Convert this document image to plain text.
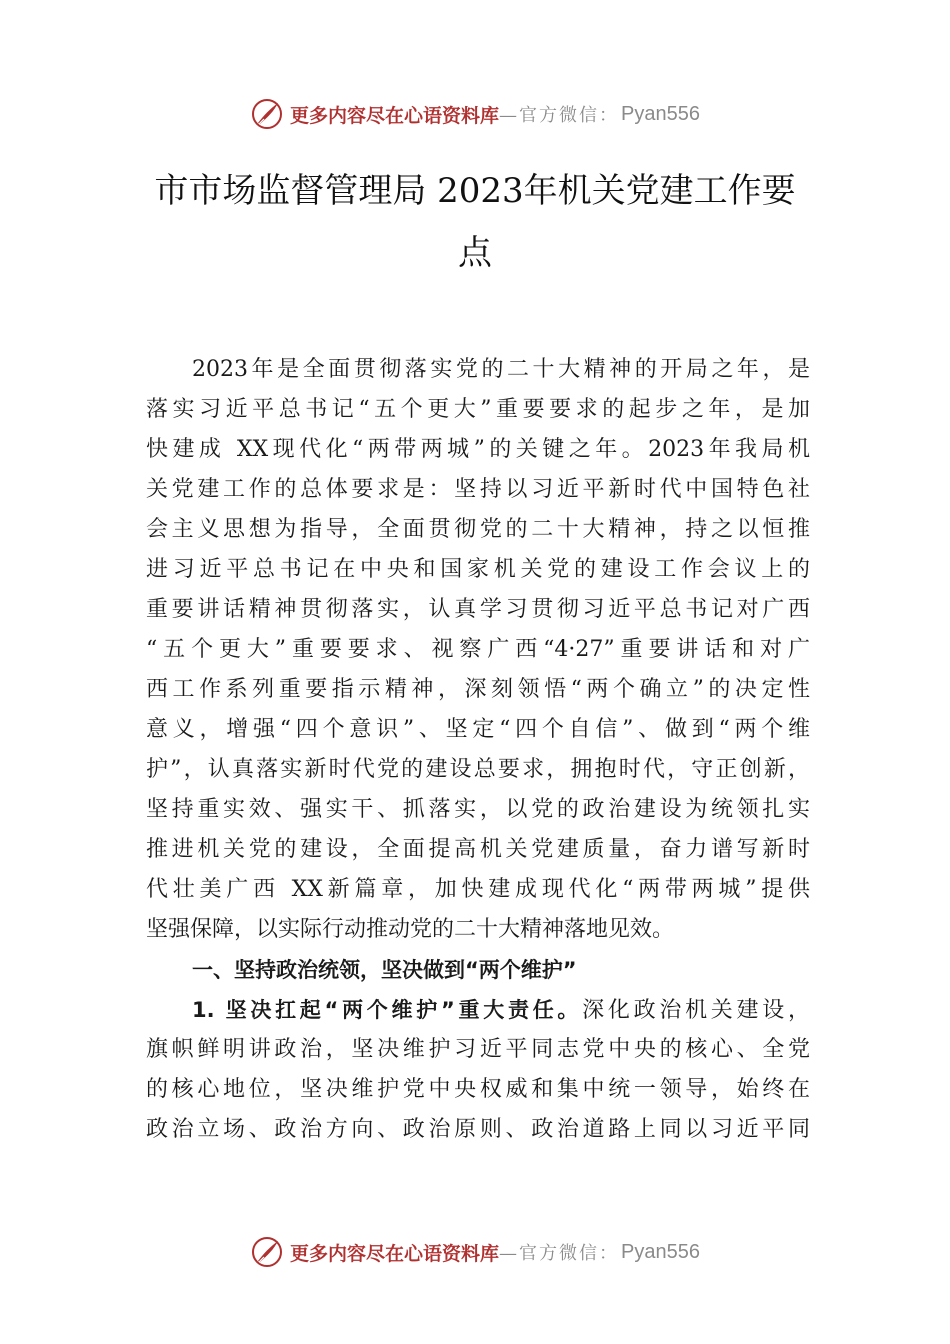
更多内容尽在心语资料库 —官方微信： Pyan556
市市场监督管理局 2023年机关党建工作要
点
2023年是全面贯彻落实党的二十大精神的开局之年，是
落实习近平总书记“五个更大”重要要求的起步之年，是加
快建成 XX现代化“两带两城”的关键之年。2023年我局机
关党建工作的总体要求是：坚持以习近平新时代中国特色社
会主义思想为指导，全面贯彻党的二十大精神，持之以恒推
进习近平总书记在中央和国家机关党的建设工作会议上的
重要讲话精神贯彻落实，认真学习贯彻习近平总书记对广西
“五个更大”重要要求、视察广西“4·27”重要讲话和对广
西工作系列重要指示精神，深刻领悟“两个确立”的决定性
意义，增强“四个意识”、坚定“四个自信”、做到“两个维
护”，认真落实新时代党的建设总要求，拥抱时代，守正创新，
坚持重实效、强实干、抓落实，以党的政治建设为统领扎实
推进机关党的建设，全面提高机关党建质量，奋力谱写新时
代壮美广西 XX新篇章，加快建成现代化“两带两城”提供
坚强保障，以实际行动推动党的二十大精神落地见效。
一、坚持政治统领，坚决做到“两个维护”
1. 坚决扛起“两个维护”重大责任。深化政治机关建设，
旗帜鲜明讲政治，坚决维护习近平同志党中央的核心、全党
的核心地位，坚决维护党中央权威和集中统一领导，始终在
政治立场、政治方向、政治原则、政治道路上同以习近平同
更多内容尽在心语资料库 —官方微信： Pyan556
